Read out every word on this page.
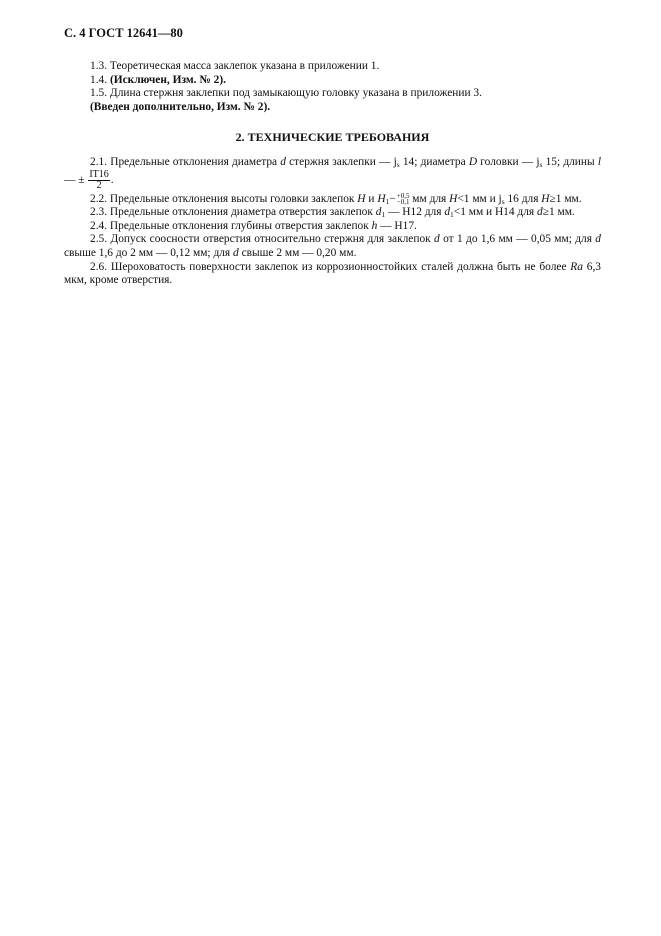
С. 4 ГОСТ 12641—80

1.3. Теоретическая масса заклепок указана в приложении 1.

1.4. (Исключен, Изм. № 2).

1.5. Длина стержня заклепки под замыкающую головку указана в приложении 3.

(Введен дополнительно, Изм. № 2).

2. ТЕХНИЧЕСКИЕ ТРЕБОВАНИЯ

2.1. Предельные отклонения диаметра d стержня заклепки — $j_s$ 14; диаметра D головки — $j_s$ 15; длины l — ± $\frac{IT16}{2}$ .

2.2. Предельные отклонения высоты головки заклепок H и $H_1- +0,5$
−0,1 мм для H<1 мм и $j_s$ 16 для H≥1 мм.

2.3. Предельные отклонения диаметра отверстия заклепок $d_1$ — H12 для $d_1<1$ мм и H14 для d≥1 мм.

2.4. Предельные отклонения глубины отверстия заклепок h — H17.

2.5. Допуск соосности отверстия относительно стержня для заклепок d от 1 до 1,6 мм — 0,05 мм; для d свыше 1,6 до 2 мм — 0,12 мм; для d свыше 2 мм — 0,20 мм.

2.6. Шероховатость поверхности заклепок из коррозионностойких сталей должна быть не более Ra 6,3 мкм, кроме отверстия.
